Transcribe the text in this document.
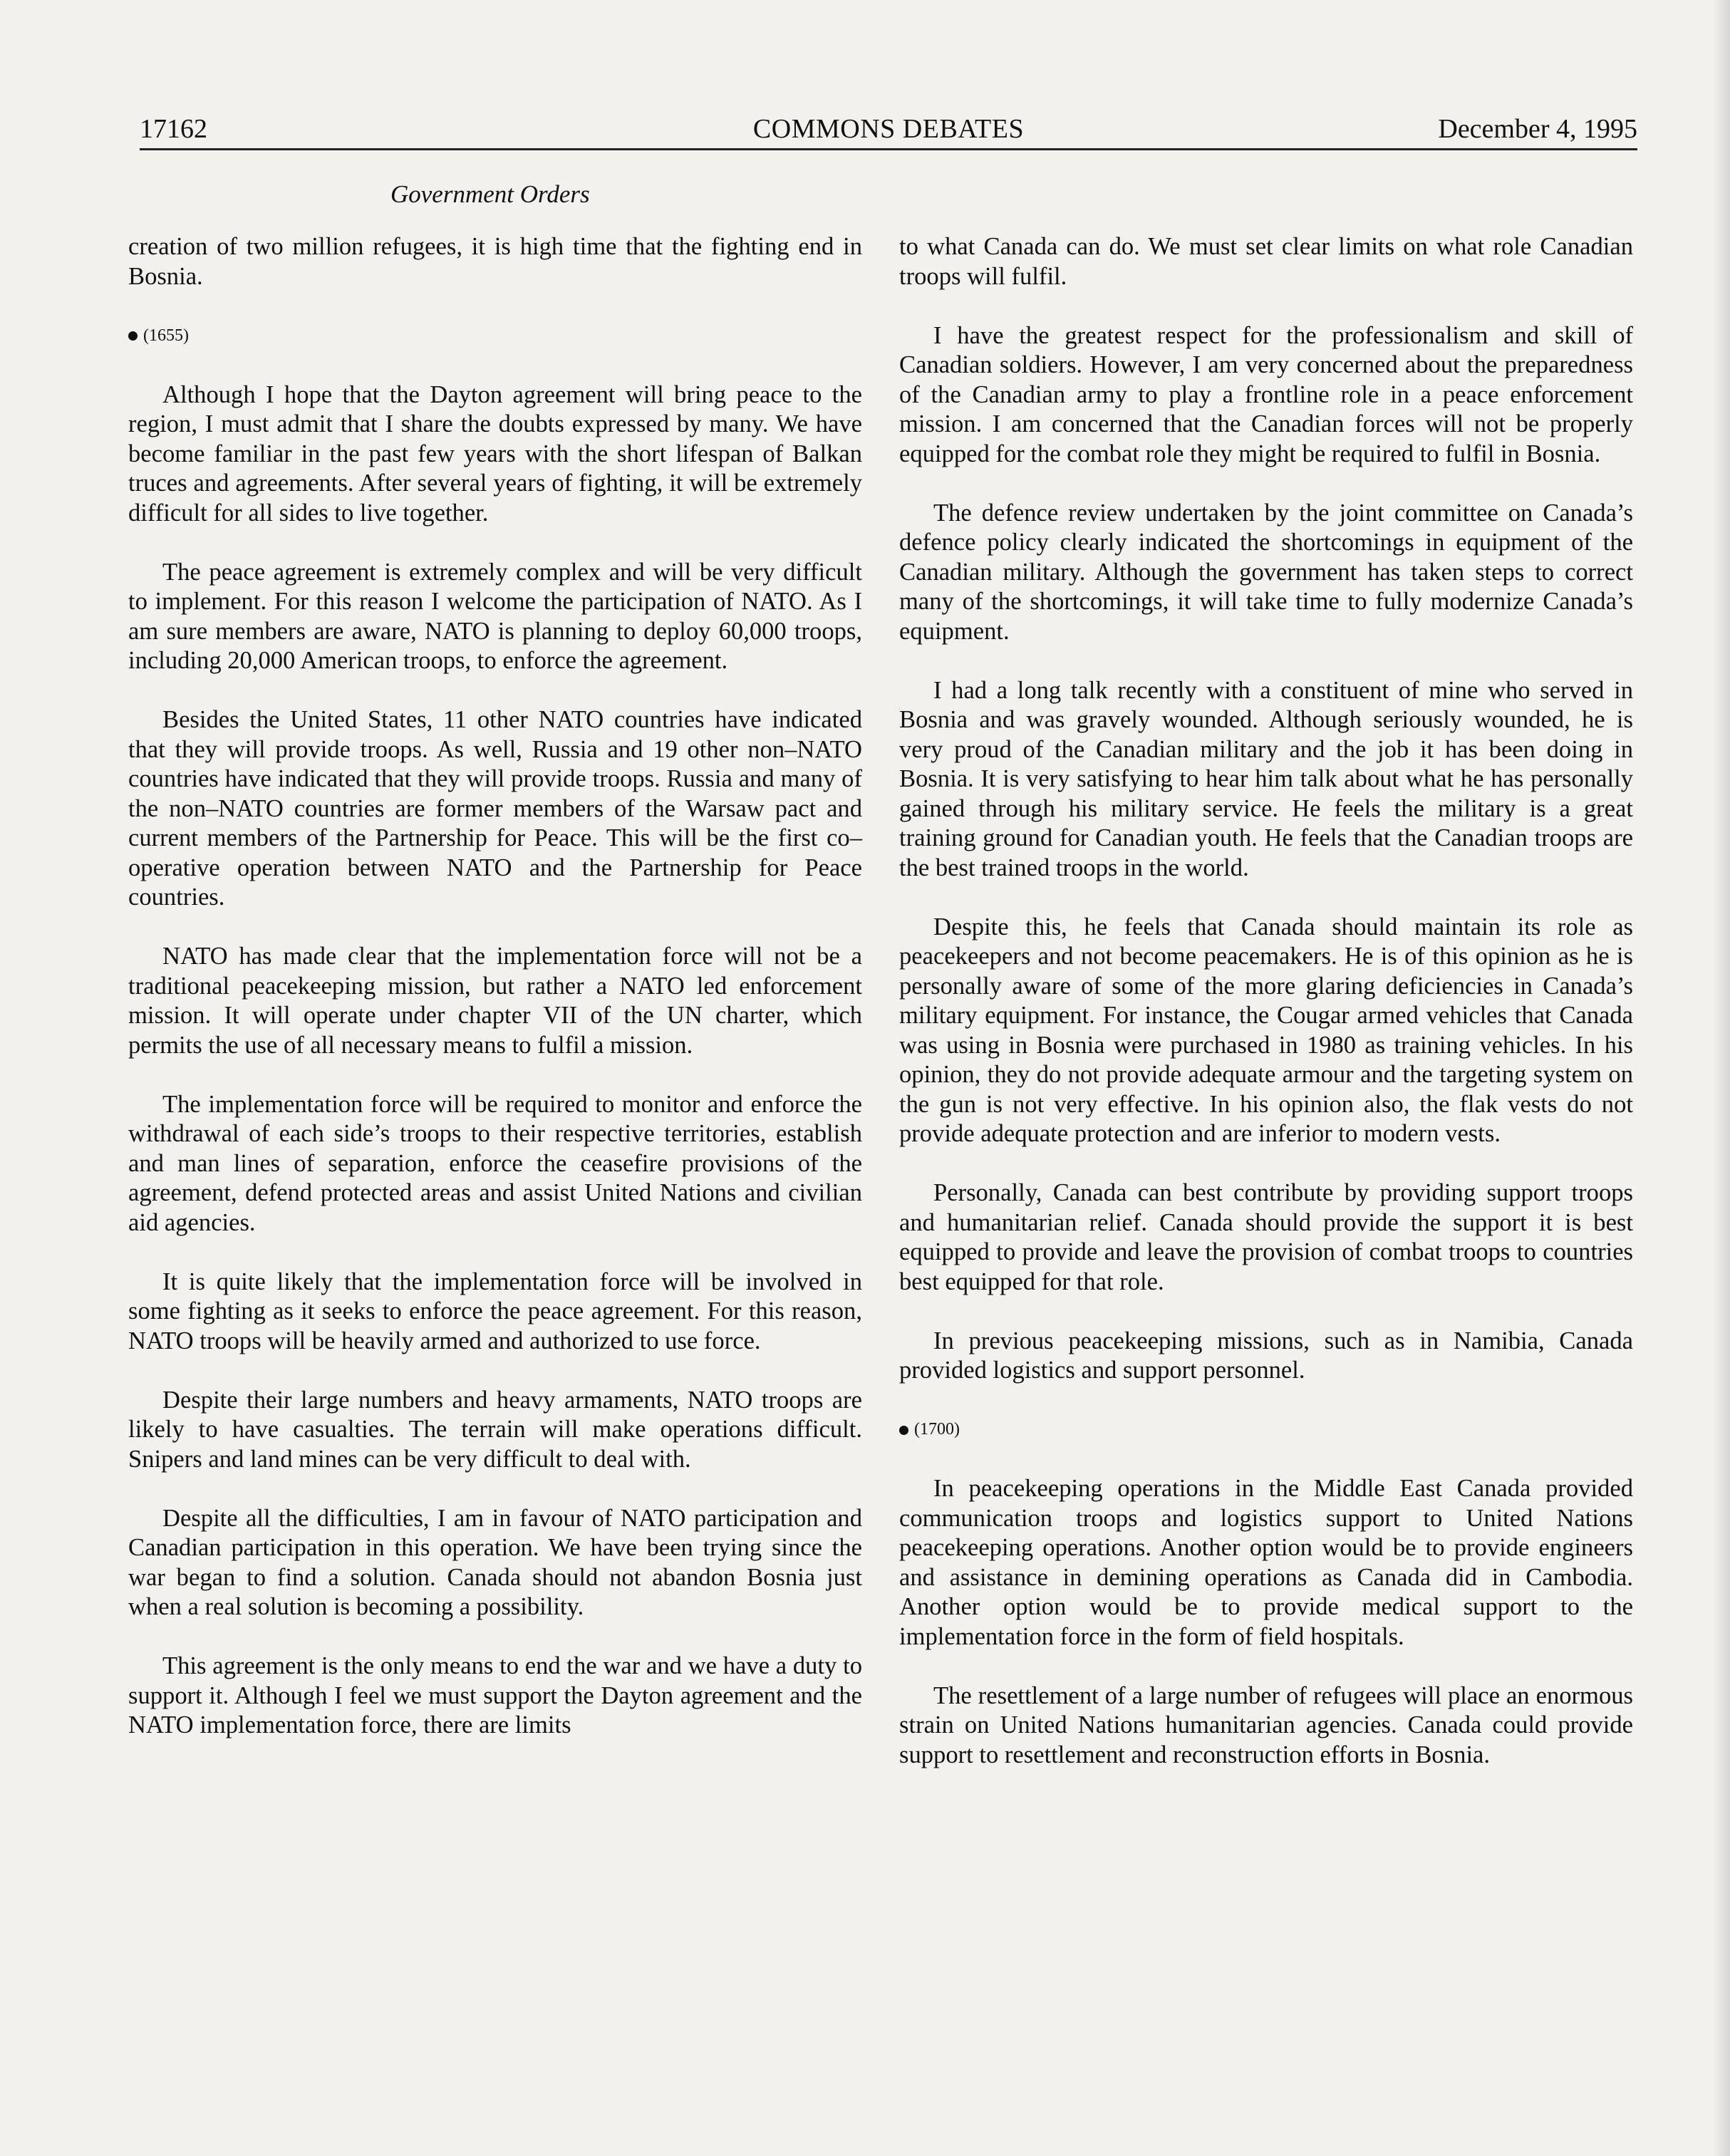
17162	COMMONS DEBATES	December 4, 1995
Government Orders

creation of two million refugees, it is high time that the fighting end in Bosnia.

(1655)

Although I hope that the Dayton agreement will bring peace to the region, I must admit that I share the doubts expressed by many. We have become familiar in the past few years with the short lifespan of Balkan truces and agreements. After several years of fighting, it will be extremely difficult for all sides to live together.

The peace agreement is extremely complex and will be very difficult to implement. For this reason I welcome the participation of NATO. As I am sure members are aware, NATO is planning to deploy 60,000 troops, including 20,000 American troops, to enforce the agreement.

Besides the United States, 11 other NATO countries have indicated that they will provide troops. As well, Russia and 19 other non–NATO countries have indicated that they will provide troops. Russia and many of the non–NATO countries are former members of the Warsaw pact and current members of the Partnership for Peace. This will be the first co–operative operation between NATO and the Partnership for Peace countries.

NATO has made clear that the implementation force will not be a traditional peacekeeping mission, but rather a NATO led enforcement mission. It will operate under chapter VII of the UN charter, which permits the use of all necessary means to fulfil a mission.

The implementation force will be required to monitor and enforce the withdrawal of each side’s troops to their respective territories, establish and man lines of separation, enforce the ceasefire provisions of the agreement, defend protected areas and assist United Nations and civilian aid agencies.

It is quite likely that the implementation force will be involved in some fighting as it seeks to enforce the peace agreement. For this reason, NATO troops will be heavily armed and authorized to use force.

Despite their large numbers and heavy armaments, NATO troops are likely to have casualties. The terrain will make operations difficult. Snipers and land mines can be very difficult to deal with.

Despite all the difficulties, I am in favour of NATO participation and Canadian participation in this operation. We have been trying since the war began to find a solution. Canada should not abandon Bosnia just when a real solution is becoming a possibility.

This agreement is the only means to end the war and we have a duty to support it. Although I feel we must support the Dayton agreement and the NATO implementation force, there are limits

to what Canada can do. We must set clear limits on what role Canadian troops will fulfil.

I have the greatest respect for the professionalism and skill of Canadian soldiers. However, I am very concerned about the preparedness of the Canadian army to play a frontline role in a peace enforcement mission. I am concerned that the Canadian forces will not be properly equipped for the combat role they might be required to fulfil in Bosnia.

The defence review undertaken by the joint committee on Canada’s defence policy clearly indicated the shortcomings in equipment of the Canadian military. Although the government has taken steps to correct many of the shortcomings, it will take time to fully modernize Canada’s equipment.

I had a long talk recently with a constituent of mine who served in Bosnia and was gravely wounded. Although seriously wounded, he is very proud of the Canadian military and the job it has been doing in Bosnia. It is very satisfying to hear him talk about what he has personally gained through his military service. He feels the military is a great training ground for Canadian youth. He feels that the Canadian troops are the best trained troops in the world.

Despite this, he feels that Canada should maintain its role as peacekeepers and not become peacemakers. He is of this opinion as he is personally aware of some of the more glaring deficiencies in Canada’s military equipment. For instance, the Cougar armed vehicles that Canada was using in Bosnia were purchased in 1980 as training vehicles. In his opinion, they do not provide adequate armour and the targeting system on the gun is not very effective. In his opinion also, the flak vests do not provide adequate protection and are inferior to modern vests.

Personally, Canada can best contribute by providing support troops and humanitarian relief. Canada should provide the support it is best equipped to provide and leave the provision of combat troops to countries best equipped for that role.

In previous peacekeeping missions, such as in Namibia, Canada provided logistics and support personnel.

(1700)

In peacekeeping operations in the Middle East Canada provided communication troops and logistics support to United Nations peacekeeping operations. Another option would be to provide engineers and assistance in demining operations as Canada did in Cambodia. Another option would be to provide medical support to the implementation force in the form of field hospitals.

The resettlement of a large number of refugees will place an enormous strain on United Nations humanitarian agencies. Canada could provide support to resettlement and reconstruction efforts in Bosnia.
